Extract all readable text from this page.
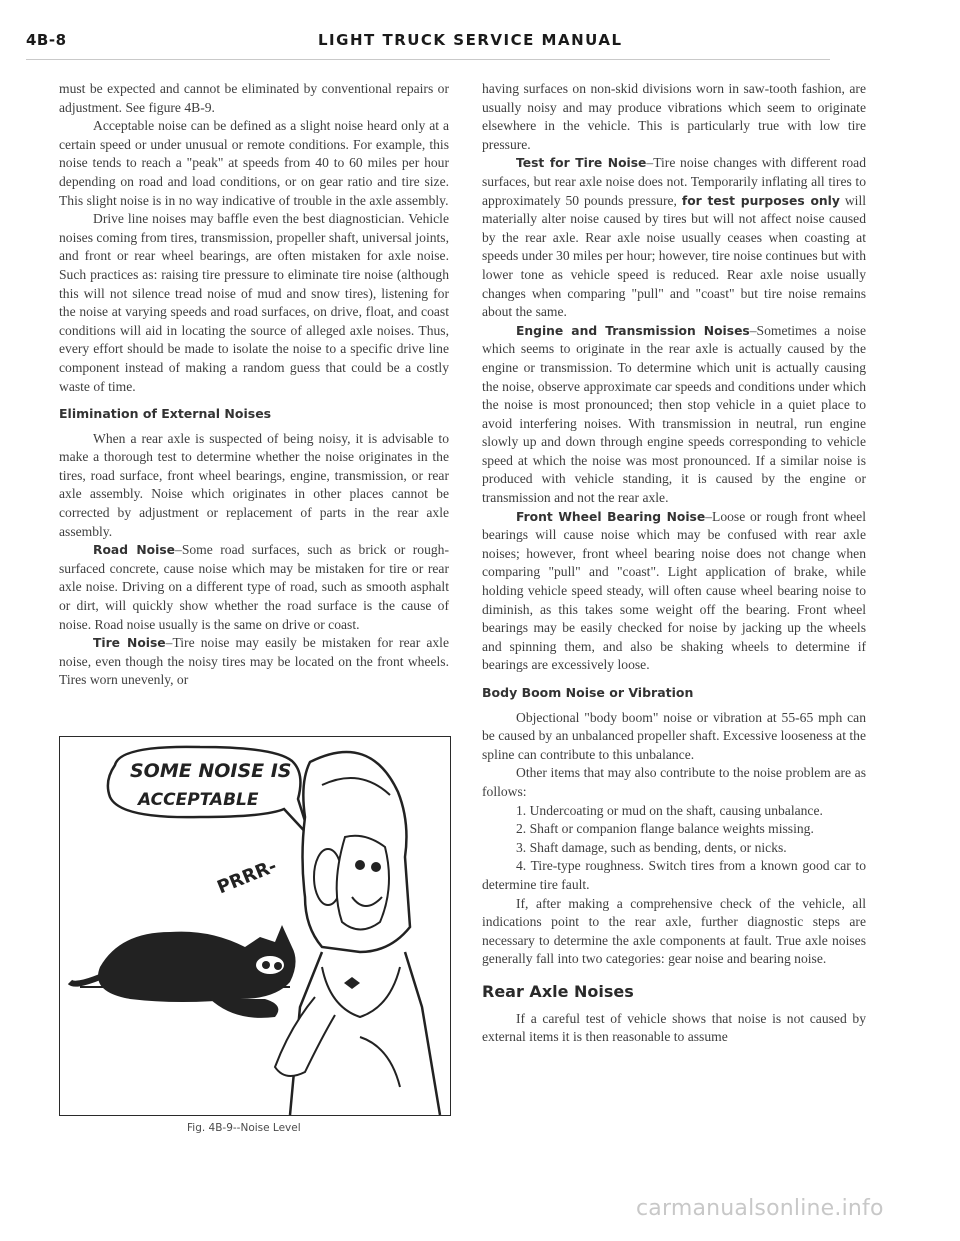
4B-8	LIGHT TRUCK SERVICE MANUAL

must be expected and cannot be eliminated by conventional repairs or adjustment. See figure 4B-9.

Acceptable noise can be defined as a slight noise heard only at a certain speed or under unusual or remote conditions. For example, this noise tends to reach a "peak" at speeds from 40 to 60 miles per hour depending on road and load conditions, or on gear ratio and tire size. This slight noise is in no way indicative of trouble in the axle assembly.

Drive line noises may baffle even the best diagnostician. Vehicle noises coming from tires, transmission, propeller shaft, universal joints, and front or rear wheel bearings, are often mistaken for axle noise. Such practices as: raising tire pressure to eliminate tire noise (although this will not silence tread noise of mud and snow tires), listening for the noise at varying speeds and road surfaces, on drive, float, and coast conditions will aid in locating the source of alleged axle noises. Thus, every effort should be made to isolate the noise to a specific drive line component instead of making a random guess that could be a costly waste of time.

Elimination of External Noises

When a rear axle is suspected of being noisy, it is advisable to make a thorough test to determine whether the noise originates in the tires, road surface, front wheel bearings, engine, transmission, or rear axle assembly. Noise which originates in other places cannot be corrected by adjustment or replacement of parts in the rear axle assembly.

Road Noise–Some road surfaces, such as brick or rough-surfaced concrete, cause noise which may be mistaken for tire or rear axle noise. Driving on a different type of road, such as smooth asphalt or dirt, will quickly show whether the road surface is the cause of noise. Road noise usually is the same on drive or coast.

Tire Noise–Tire noise may easily be mistaken for rear axle noise, even though the noisy tires may be located on the front wheels. Tires worn unevenly, or

SOME NOISE IS
ACCEPTABLE
PRRR-
Fig. 4B-9--Noise Level

having surfaces on non-skid divisions worn in saw-tooth fashion, are usually noisy and may produce vibrations which seem to originate elsewhere in the vehicle. This is particularly true with low tire pressure.

Test for Tire Noise–Tire noise changes with different road surfaces, but rear axle noise does not. Temporarily inflating all tires to approximately 50 pounds pressure, for test purposes only will materially alter noise caused by tires but will not affect noise caused by the rear axle. Rear axle noise usually ceases when coasting at speeds under 30 miles per hour; however, tire noise continues but with lower tone as vehicle speed is reduced. Rear axle noise usually changes when comparing "pull" and "coast" but tire noise remains about the same.

Engine and Transmission Noises–Sometimes a noise which seems to originate in the rear axle is actually caused by the engine or transmission. To determine which unit is actually causing the noise, observe approximate car speeds and conditions under which the noise is most pronounced; then stop vehicle in a quiet place to avoid interfering noises. With transmission in neutral, run engine slowly up and down through engine speeds corresponding to vehicle speed at which the noise was most pronounced. If a similar noise is produced with vehicle standing, it is caused by the engine or transmission and not the rear axle.

Front Wheel Bearing Noise–Loose or rough front wheel bearings will cause noise which may be confused with rear axle noises; however, front wheel bearing noise does not change when comparing "pull" and "coast". Light application of brake, while holding vehicle speed steady, will often cause wheel bearing noise to diminish, as this takes some weight off the bearing. Front wheel bearings may be easily checked for noise by jacking up the wheels and spinning them, and also be shaking wheels to determine if bearings are excessively loose.

Body Boom Noise or Vibration

Objectional "body boom" noise or vibration at 55-65 mph can be caused by an unbalanced propeller shaft. Excessive looseness at the spline can contribute to this unbalance.

Other items that may also contribute to the noise problem are as follows:

1. Undercoating or mud on the shaft, causing unbalance.

2. Shaft or companion flange balance weights missing.

3. Shaft damage, such as bending, dents, or nicks.

4. Tire-type roughness. Switch tires from a known good car to determine tire fault.

If, after making a comprehensive check of the vehicle, all indications point to the rear axle, further diagnostic steps are necessary to determine the axle components at fault. True axle noises generally fall into two categories: gear noise and bearing noise.

Rear Axle Noises

If a careful test of vehicle shows that noise is not caused by external items it is then reasonable to assume

carmanualsonline.info
